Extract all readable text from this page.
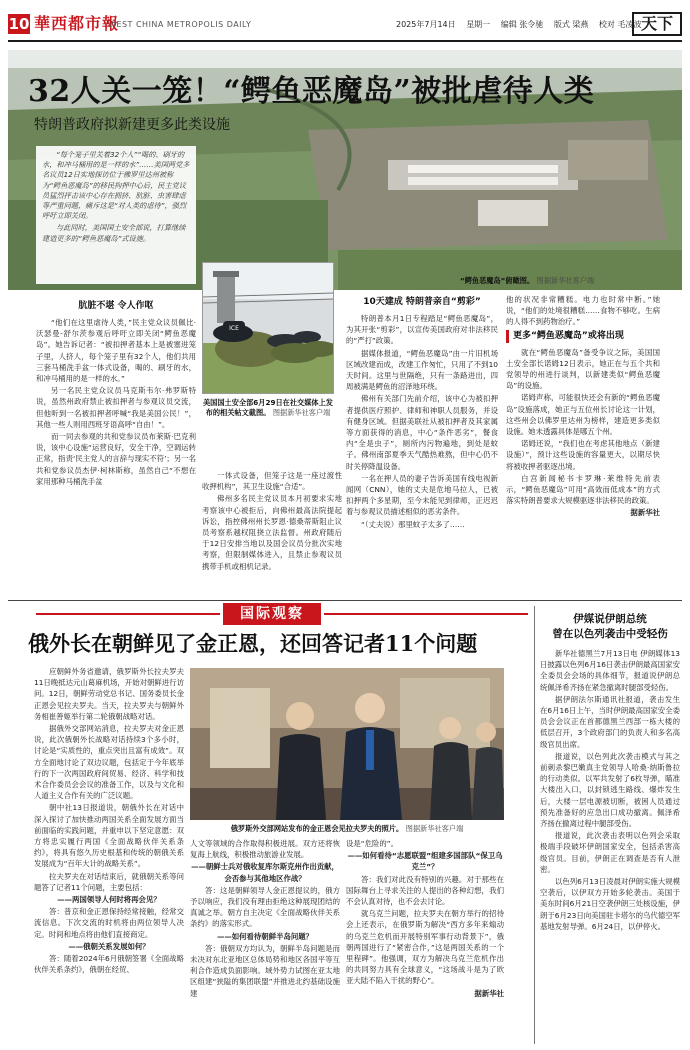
10 華西都市報
WEST CHINA METROPOLIS DAILY	2025年7月14日 星期一 编辑 张令驰 版式 梁燕 校对 毛凌波 天下
32人关一笼！“鳄鱼恶魔岛”被批虐待人类
特朗普政府拟新建更多此类设施

“每个笼子里关着32个人”“喝的、刷牙的水，和冲马桶用的是一样的水”……美国两党多名议员12日实地探访位于佛罗里达州被称为“鳄鱼恶魔岛”的移民拘押中心后，民主党议员猛烈抨击该中心存在拥挤、肮脏、虫害肆虐等严重问题，痛斥这是“对人类的虐待”，强烈呼吁立即关闭。

与此同时，美国国土安全部说，打算继续建造更多的“鳄鱼恶魔岛”式设施。

“鳄鱼恶魔岛”俯瞰图。 图据新华社客户端
肮脏不堪 令人作呕

“他们在这里虐待人类，”民主党众议员佩比·沃瑟曼-舒尔茨参观后呼吁立即关闭“鳄鱼恶魔岛”。她告诉记者：“被扣押者基本上是被塞进笼子里，人挤人，每个笼子里有32个人，他们共用三套马桶洗手盆一体式设备，喝的、刷牙的水，和冲马桶用的是一样的水。”

另一名民主党众议员马克斯韦尔·弗罗斯特说，虽然州政府禁止被扣押者与参观议员交流，但他听到一名被扣押者呼喊“我是美国公民！”，其他一些人则用西班牙语高呼“自由！”。

而一同去参观的共和党参议员布莱斯·巴克利说，该中心设施“运营良好，安全干净，空调运转正常，指责‘民主党人的言辞与现实不符’；另一名共和党参议员杰伊·柯林斯称，虽然自己“不想在家用那种马桶洗手盆

ICE
美国国土安全部6月29日在社交媒体上发布的相关帖文截图。 图据新华社客户端

一体式设备，但笼子这是一座过渡性收押机构”，其卫生设施“合适”。

佛州多名民主党议员本月初要求实地考察该中心被拒后，向佛州最高法院提起诉讼，指控佛州州长罗恩·德桑蒂斯阻止议员考察系越权阻挠立法监督。州政府随后于12日安排当地以及国会议员分批次实地考察，但限制媒体进入，且禁止参观议员携带手机或相机记录。

10天建成 特朗普亲自“剪彩”

特朗普本月1日专程踏足“鳄鱼恶魔岛”，为其开张“剪彩”，以宣传美国政府对非法移民的“严打”政策。

据媒体报道，“鳄鱼恶魔岛”由一片旧机场区域改建而成，改建工作匆忙，只用了不到10天时间。这里与世隔绝，只有一条路进出，四周被满是鳄鱼的沼泽地环绕。

佛州有关部门先前介绍，该中心为被扣押者提供医疗照护、律师和神职人员服务，并设有健身区域。但据美联社从被扣押者及其家属等方面获得的消息，中心“条件恶劣”，餐食内“全是虫子”，厕所内污物遍地，到处是蚊子。佛州南部夏季天气酷热难熬，但中心仍不时关停降温设备。

一名在押人员的妻子告诉美国有线电视新闻网（CNN），她的丈夫是危地马拉人，已被扣押两个多星期，至今未能见到律师，正迟迟着与参观议员描述相似的恶劣条件。

“（丈夫说）那里蚊子太多了……

他的状况非常糟糕。电力也时常中断。”她说，“他们的处境很糟糕……食物不够吃。生病的人得不到药物治疗。”

更多“鳄鱼恶魔岛”或将出现

就在“鳄鱼恶魔岛”备受争议之际，美国国土安全部长诺姆12日表示，她正在与五个共和党领导的州进行谈判，以新建类似“鳄鱼恶魔岛”的设施。

诺姆声称，可能很快还会有新的“鳄鱼恶魔岛”设施落成，她正与五位州长讨论这一计划，这些州会以佛罗里达州为榜样，建造更多类似设施。她未透露具体是哪五个州。

诺姆还说，“我们也在考虑其他地点（新建设施）”，预计这些设施的容量更大，以期尽快将被收押者驱逐出境。

白宫新闻秘书卡罗琳·莱维特先前表示，“鳄鱼恶魔岛”可用“高效而低成本”的方式落实特朗普要求大规模驱逐非法移民的政策。

据新华社
国际观察
俄外长在朝鲜见了金正恩，还回答记者11个问题
俄罗斯外交部网站发布的金正恩会见拉夫罗夫的照片。 图据新华社客户端

应朝鲜外务省邀请，俄罗斯外长拉夫罗夫11日晚抵达元山葛麻机场，开始对朝鲜进行访问。12日，朝鲜劳动党总书记、国务委员长金正恩会见拉夫罗夫。当天，拉夫罗夫与朝鲜外务相崔善姬举行第二轮俄朝战略对话。

据俄外交部网站消息，拉夫罗夫对金正恩说，此次俄朝外长战略对话持续3个多小时，讨论是“实质性的，重点突出且富有成效”。双方全面地讨论了双边议题，包括定于今年底举行的下一次两国政府间贸易、经济、科学和技术合作委员会会议的准备工作，以及与文化和人道主义合作有关的广泛议题。

朝中社13日报道说，朝俄外长在对话中深入探讨了加快推动两国关系全面发展方面当前面临的实践问题，并重申以下坚定意愿：双方将忠实履行两国《全面战略伙伴关系条约》，将具有悠久历史根基和传统的朝俄关系发展成为“百年大计的战略关系”。

拉夫罗夫在对话结束后，就俄朝关系等问题答了记者11个问题，主要包括：

——两国领导人何时将再会见？

答：普京和金正恩保持经常接触，经常交流信息。下次交流的时机将由两位领导人决定。时间和地点将由他们直接商定。

——俄朝关系发展如何？

答：随着2024年6月俄朝签署《全面战略伙伴关系条约》，俄朝在经贸、

人文等领域的合作取得积极进展。双方还将恢复海上航线，积极推动旅游业发展。

——朝鲜士兵对俄收复库尔斯克州作出贡献，会否参与其他地区作战？

答：这是朝鲜领导人金正恩提议的，俄方予以响应，我们没有理由拒绝这种展现团结的真诚之举。朝方自主决定《全面战略伙伴关系条约》的落实形式。

——如何看待朝鲜半岛问题？

答：俄朝双方均认为，朝鲜半岛问题是而未决对东北亚地区总体局势和地区各国平等互利合作造成负面影响。域外势力试图在亚太地区组建“狭隘的集团联盟”并推进北约基础设施建

设是“危险的”。

——如何看待“志愿联盟”组建多国部队“保卫乌克兰”？

答：我们对此没有特别的兴趣。对于那些在国际舞台上寻求关注的人提出的各种幻想，我们不会认真对待，也不会去讨论。

就乌克兰问题，拉夫罗夫在朝方举行的招待会上还表示，在俄罗斯为解决“西方多年来煽动的乌克兰危机而开展特别军事行动背景下”，俄朝两国进行了“紧密合作，”这是两国关系的一个里程碑”。他强调，双方为解决乌克兰危机作出的共同努力具有全球意义，“这场战斗是为了欧亚大陆不陷入干扰的野心”。

据新华社
伊媒说伊朗总统
曾在以色列袭击中受轻伤

新华社德黑兰7月13日电 伊朗媒体13日披露以色列6月16日袭击伊朗最高国家安全委员会会场的具体细节，报道说伊朗总统佩泽希齐扬在紧急撤离时腿部受轻伤。

据伊朗法尔斯通讯社报道，袭击发生在6月16日上午，当时伊朗最高国家安全委员会会议正在首都德黑兰西部一栋大楼的低层召开，3个政府部门的负责人和多名高级官员出席。

报道说，以色列此次袭击模式与其之前刺杀黎巴嫩真主党领导人哈桑·纳斯鲁拉的行动类似。以军共发射了6枚导弹，瞄准大楼出入口，以封锁逃生路线、爆炸发生后，大楼一层电源被切断，被困人员通过预先准备好的应急出口成功撤离。佩泽希齐扬在撤离过程中腿部受伤。

报道说，此次袭击表明以色列会采取极端手段破坏伊朗国家安全，包括杀害高级官员。目前，伊朗正在调查是否有人泄密。

以色列6月13日凌晨对伊朗实施大规模空袭后，以伊双方开始多轮袭击。美国于美东时间6月21日空袭伊朗三处核设施，伊朗于6月23日向美国驻卡塔尔的乌代德空军基地发射导弹。6月24日，以伊停火。
